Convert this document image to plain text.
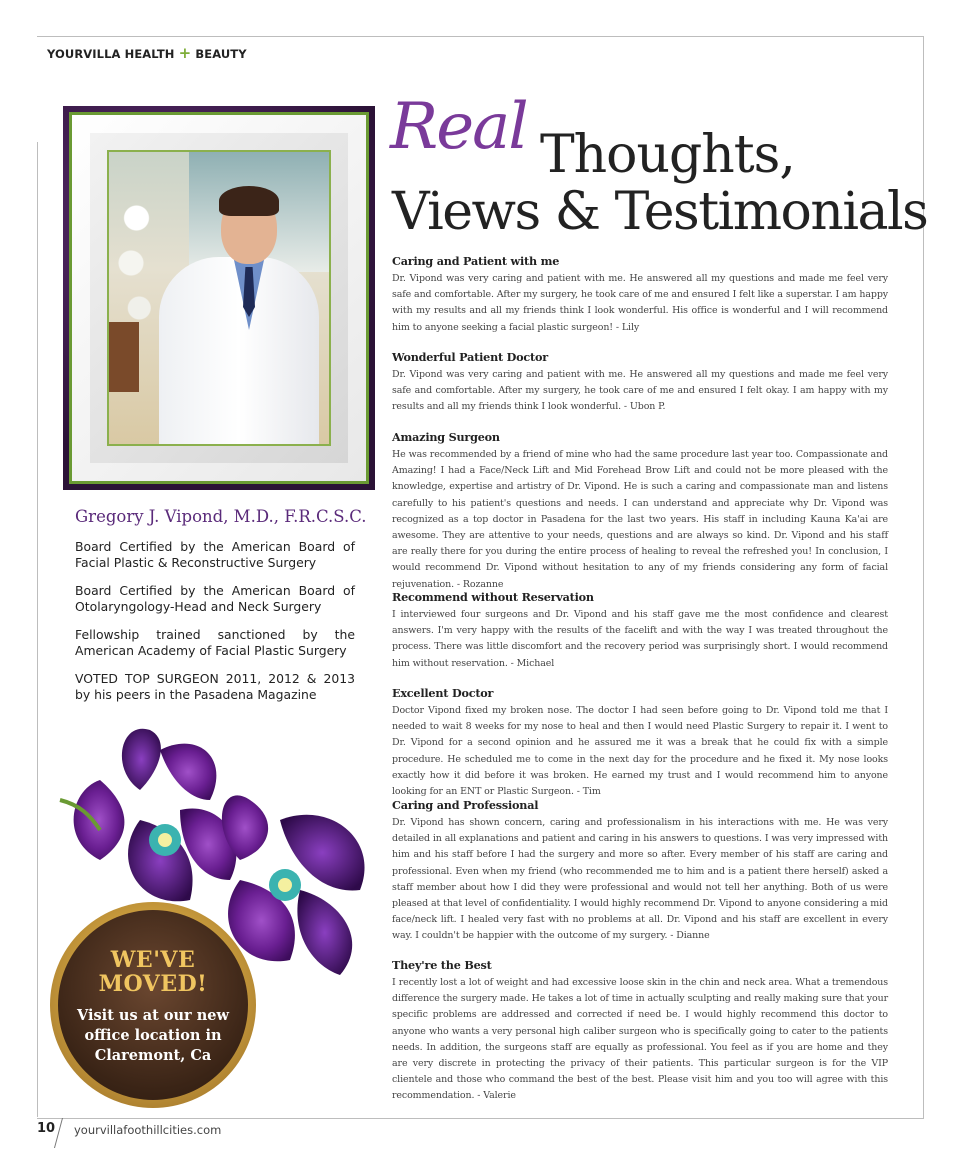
YOURVILLA HEALTH + BEAUTY
Gregory J. Vipond, M.D., F.R.C.S.C.
Board Certified by the American Board of Facial Plastic & Reconstructive Surgery
Board Certified by the American Board of Otolaryngology-Head and Neck Surgery
Fellowship trained sanctioned by the American Academy of Facial Plastic Surgery
VOTED TOP SURGEON 2011, 2012 & 2013 by his peers in the Pasadena Magazine
WE'VE
MOVED!
Visit us at our new
office location in
Claremont, Ca
Real Thoughts,
Views & Testimonials
Caring and Patient with me

Dr. Vipond was very caring and patient with me. He answered all my questions and made me feel very safe and comfortable. After my surgery, he took care of me and ensured I felt like a superstar. I am happy with my results and all my friends think I look wonderful. His office is wonderful and I will recommend him to anyone seeking a facial plastic surgeon! - Lily

Wonderful Patient Doctor

Dr. Vipond was very caring and patient with me. He answered all my questions and made me feel very safe and comfortable. After my surgery, he took care of me and ensured I felt okay. I am happy with my results and all my friends think I look wonderful. - Ubon P.

Amazing Surgeon

He was recommended by a friend of mine who had the same procedure last year too. Compassionate and Amazing! I had a Face/Neck Lift and Mid Forehead Brow Lift and could not be more pleased with the knowledge, expertise and artistry of Dr. Vipond. He is such a caring and compassionate man and listens carefully to his patient's questions and needs. I can understand and appreciate why Dr. Vipond was recognized as a top doctor in Pasadena for the last two years. His staff in including Kauna Ka'ai are awesome. They are attentive to your needs, questions and are always so kind. Dr. Vipond and his staff are really there for you during the entire process of healing to reveal the refreshed you! In conclusion, I would recommend Dr. Vipond without hesitation to any of my friends considering any form of facial rejuvenation. - Rozanne

Recommend without Reservation

I interviewed four surgeons and Dr. Vipond and his staff gave me the most confidence and clearest answers. I'm very happy with the results of the facelift and with the way I was treated throughout the process. There was little discomfort and the recovery period was surprisingly short. I would recommend him without reservation. - Michael

Excellent Doctor

Doctor Vipond fixed my broken nose. The doctor I had seen before going to Dr. Vipond told me that I needed to wait 8 weeks for my nose to heal and then I would need Plastic Surgery to repair it. I went to Dr. Vipond for a second opinion and he assured me it was a break that he could fix with a simple procedure. He scheduled me to come in the next day for the procedure and he fixed it. My nose looks exactly how it did before it was broken. He earned my trust and I would recommend him to anyone looking for an ENT or Plastic Surgeon. - Tim

Caring and Professional

Dr. Vipond has shown concern, caring and professionalism in his interactions with me. He was very detailed in all explanations and patient and caring in his answers to questions. I was very impressed with him and his staff before I had the surgery and more so after. Every member of his staff are caring and professional. Even when my friend (who recommended me to him and is a patient there herself) asked a staff member about how I did they were professional and would not tell her anything. Both of us were pleased at that level of confidentiality. I would highly recommend Dr. Vipond to anyone considering a mid face/neck lift. I healed very fast with no problems at all. Dr. Vipond and his staff are excellent in every way. I couldn't be happier with the outcome of my surgery. - Dianne

They're the Best

I recently lost a lot of weight and had excessive loose skin in the chin and neck area. What a tremendous difference the surgery made. He takes a lot of time in actually sculpting and really making sure that your specific problems are addressed and corrected if need be. I would highly recommend this doctor to anyone who wants a very personal high caliber surgeon who is specifically going to cater to the patients needs. In addition, the surgeons staff are equally as professional. You feel as if you are home and they are very discrete in protecting the privacy of their patients. This particular surgeon is for the VIP clientele and those who command the best of the best. Please visit him and you too will agree with this recommendation. - Valerie

10 yourvillafoothillcities.com
